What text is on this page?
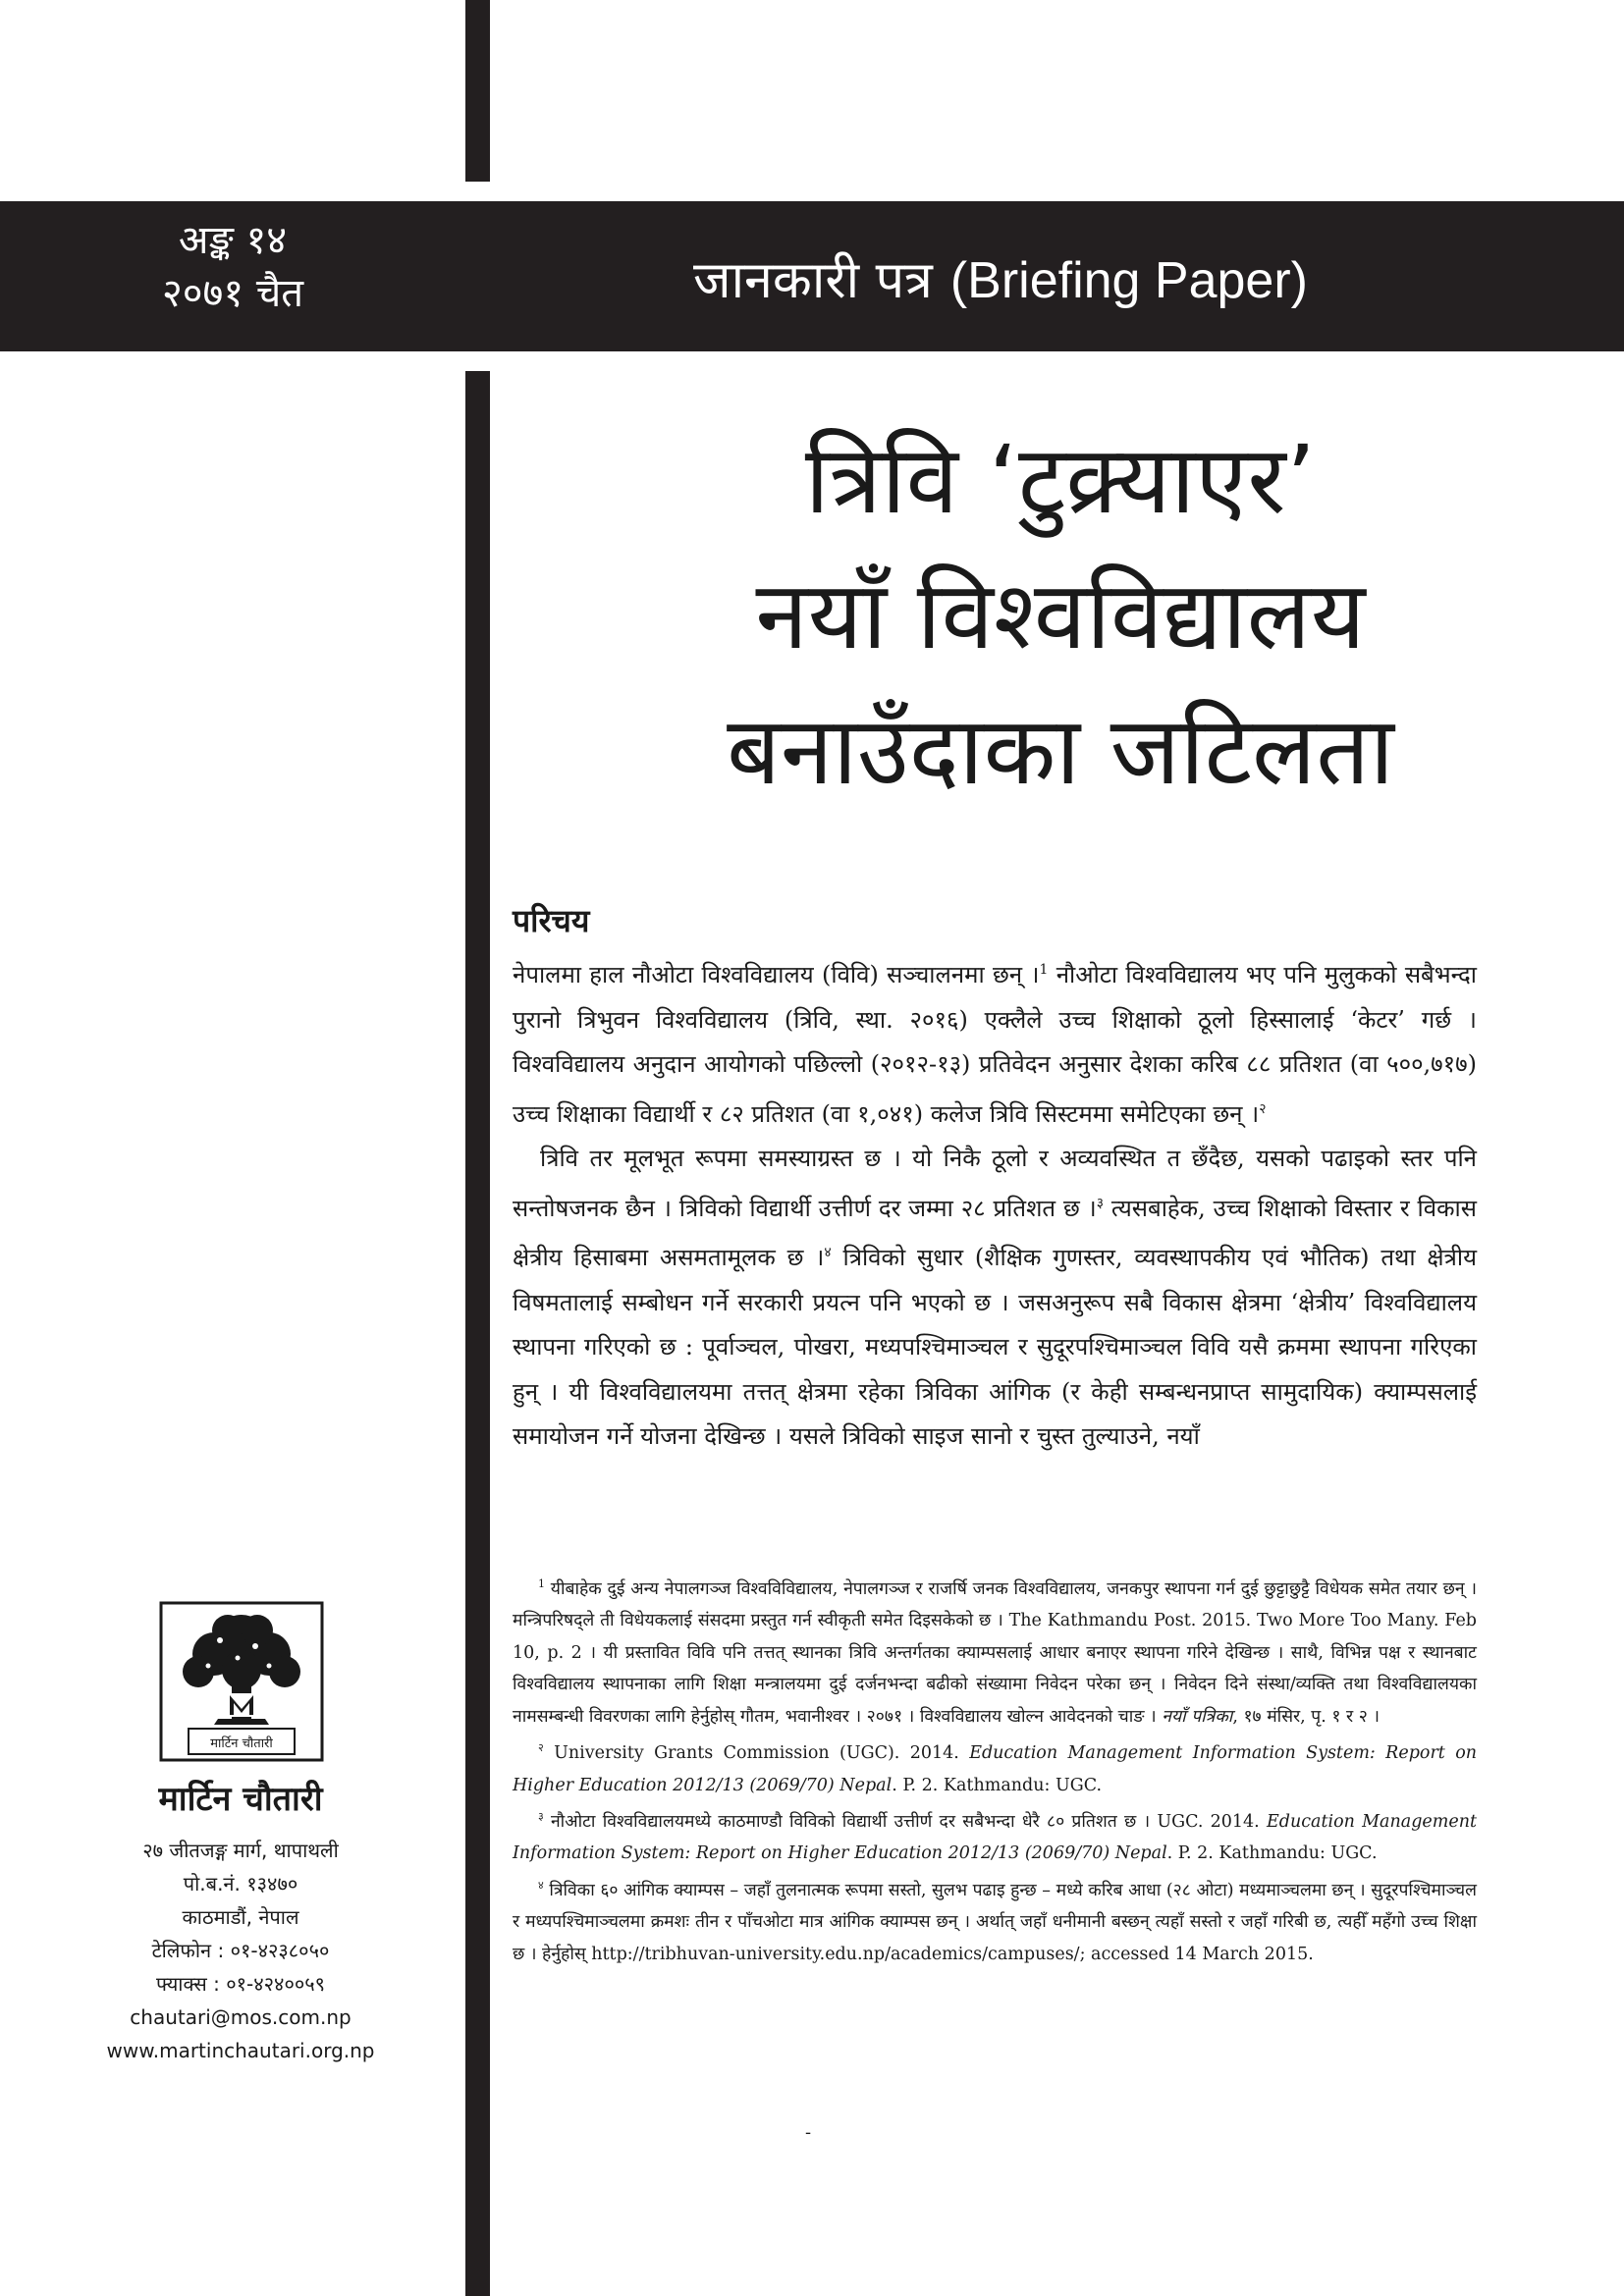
अङ्क १४
२०७१ चैत	जानकारी पत्र (Briefing Paper)
त्रिवि ‘टुक्र्याएर’
नयाँ विश्वविद्यालय
बनाउँदाका जटिलता
परिचय

नेपालमा हाल नौओटा विश्वविद्यालय (विवि) सञ्चालनमा छन् ।$^1$ नौओटा विश्वविद्यालय भए पनि मुलुकको सबैभन्दा पुरानो त्रिभुवन विश्वविद्यालय (त्रिवि, स्था. २०१६) एक्लैले उच्च शिक्षाको ठूलो हिस्सालाई ‘केटर’ गर्छ । विश्वविद्यालय अनुदान आयोगको पछिल्लो (२०१२-१३) प्रतिवेदन अनुसार देशका करिब ८८ प्रतिशत (वा ५००,७१७) उच्च शिक्षाका विद्यार्थी र ८२ प्रतिशत (वा १,०४१) कलेज त्रिवि सिस्टममा समेटिएका छन् ।$^२$

त्रिवि तर मूलभूत रूपमा समस्याग्रस्त छ । यो निकै ठूलो र अव्यवस्थित त छँदैछ, यसको पढाइको स्तर पनि सन्तोषजनक छैन । त्रिविको विद्यार्थी उत्तीर्ण दर जम्मा २८ प्रतिशत छ ।$^३$ त्यसबाहेक, उच्च शिक्षाको विस्तार र विकास क्षेत्रीय हिसाबमा असमतामूलक छ ।$^४$ त्रिविको सुधार (शैक्षिक गुणस्तर, व्यवस्थापकीय एवं भौतिक) तथा क्षेत्रीय विषमतालाई सम्बोधन गर्ने सरकारी प्रयत्न पनि भएको छ । जसअनुरूप सबै विकास क्षेत्रमा ‘क्षेत्रीय’ विश्वविद्यालय स्थापना गरिएको छ : पूर्वाञ्चल, पोखरा, मध्यपश्चिमाञ्चल र सुदूरपश्चिमाञ्चल विवि यसै क्रममा स्थापना गरिएका हुन् । यी विश्वविद्यालयमा तत्तत् क्षेत्रमा रहेका त्रिविका आंगिक (र केही सम्बन्धनप्राप्त सामुदायिक) क्याम्पसलाई समायोजन गर्ने योजना देखिन्छ । यसले त्रिविको साइज सानो र चुस्त तुल्याउने, नयाँ

$^1$ यीबाहेक दुई अन्य नेपालगञ्ज विश्वविविद्यालय, नेपालगञ्ज र राजर्षि जनक विश्वविद्यालय, जनकपुर स्थापना गर्न दुई छुट्टाछुट्टै विधेयक समेत तयार छन् । मन्त्रिपरिषद्ले ती विधेयकलाई संसदमा प्रस्तुत गर्न स्वीकृती समेत दिइसकेको छ । The Kathmandu Post. 2015. Two More Too Many. Feb 10, p. 2 । यी प्रस्तावित विवि पनि तत्तत् स्थानका त्रिवि अन्तर्गतका क्याम्पसलाई आधार बनाएर स्थापना गरिने देखिन्छ । साथै, विभिन्न पक्ष र स्थानबाट विश्वविद्यालय स्थापनाका लागि शिक्षा मन्त्रालयमा दुई दर्जनभन्दा बढीको संख्यामा निवेदन परेका छन् । निवेदन दिने संस्था/व्यक्ति तथा विश्वविद्यालयका नामसम्बन्धी विवरणका लागि हेर्नुहोस् गौतम, भवानीश्वर । २०७१ । विश्वविद्यालय खोल्न आवेदनको चाङ । नयाँ पत्रिका, १७ मंसिर, पृ. १ र २ ।

$^२$ University Grants Commission (UGC). 2014. Education Management Information System: Report on Higher Education 2012/13 (2069/70) Nepal. P. 2. Kathmandu: UGC.

$^३$ नौओटा विश्वविद्यालयमध्ये काठमाण्डौ विविको विद्यार्थी उत्तीर्ण दर सबैभन्दा धेरै ८० प्रतिशत छ । UGC. 2014. Education Management Information System: Report on Higher Education 2012/13 (2069/70) Nepal. P. 2. Kathmandu: UGC.

$^४$ त्रिविका ६० आंगिक क्याम्पस – जहाँ तुलनात्मक रूपमा सस्तो, सुलभ पढाइ हुन्छ – मध्ये करिब आधा (२८ ओटा) मध्यमाञ्चलमा छन् । सुदूरपश्चिमाञ्चल र मध्यपश्चिमाञ्चलमा क्रमशः तीन र पाँचओटा मात्र आंगिक क्याम्पस छन् । अर्थात् जहाँ धनीमानी बस्छन् त्यहाँ सस्तो र जहाँ गरिबी छ, त्यहीँ महँगो उच्च शिक्षा छ । हेर्नुहोस् http://tribhuvan-university.edu.np/academics/campuses/; accessed 14 March 2015.

मार्टिन चौतारी
मार्टिन चौतारी
२७ जीतजङ्ग मार्ग, थापाथली
पो.ब.नं. १३४७०
काठमाडौं, नेपाल
टेलिफोन : ०१-४२३८०५०
फ्याक्स : ०१-४२४००५९
chautari@mos.com.np
www.martinchautari.org.np
-
